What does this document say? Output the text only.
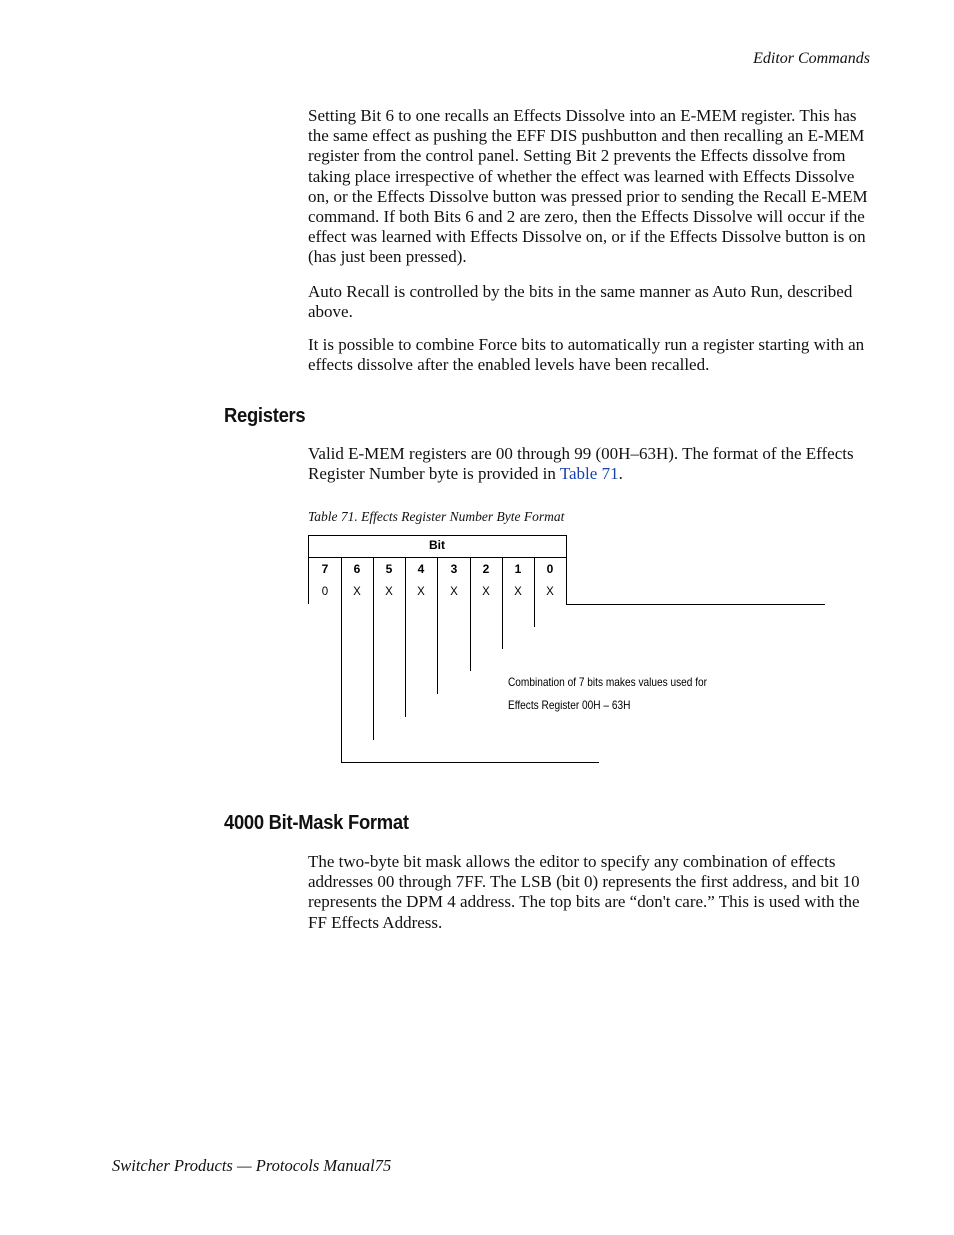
Editor Commands

Setting Bit 6 to one recalls an Effects Dissolve into an E-MEM register. This has the same effect as pushing the EFF DIS pushbutton and then recalling an E-MEM register from the control panel. Setting Bit 2 prevents the Effects dissolve from taking place irrespective of whether the effect was learned with Effects Dissolve on, or the Effects Dissolve button was pressed prior to sending the Recall E-MEM command. If both Bits 6 and 2 are zero, then the Effects Dissolve will occur if the effect was learned with Effects Dissolve on, or if the Effects Dissolve button is on (has just been pressed).

Auto Recall is controlled by the bits in the same manner as Auto Run, described above.

It is possible to combine Force bits to automatically run a register starting with an effects dissolve after the enabled levels have been recalled.

Registers

Valid E-MEM registers are 00 through 99 (00H–63H). The format of the Effects Register Number byte is provided in Table 71.

Table 71. Effects Register Number Byte Format
Bit
7 6 5 4 3 2 1 0
0 X X X X X X X
Combination of 7 bits makes values used for
Effects Register 00H – 63H
4000 Bit-Mask Format

The two-byte bit mask allows the editor to specify any combination of effects addresses 00 through 7FF. The LSB (bit 0) represents the first address, and bit 10 represents the DPM 4 address. The top bits are “don't care.” This is used with the FF Effects Address.

Switcher Products — Protocols Manual75
